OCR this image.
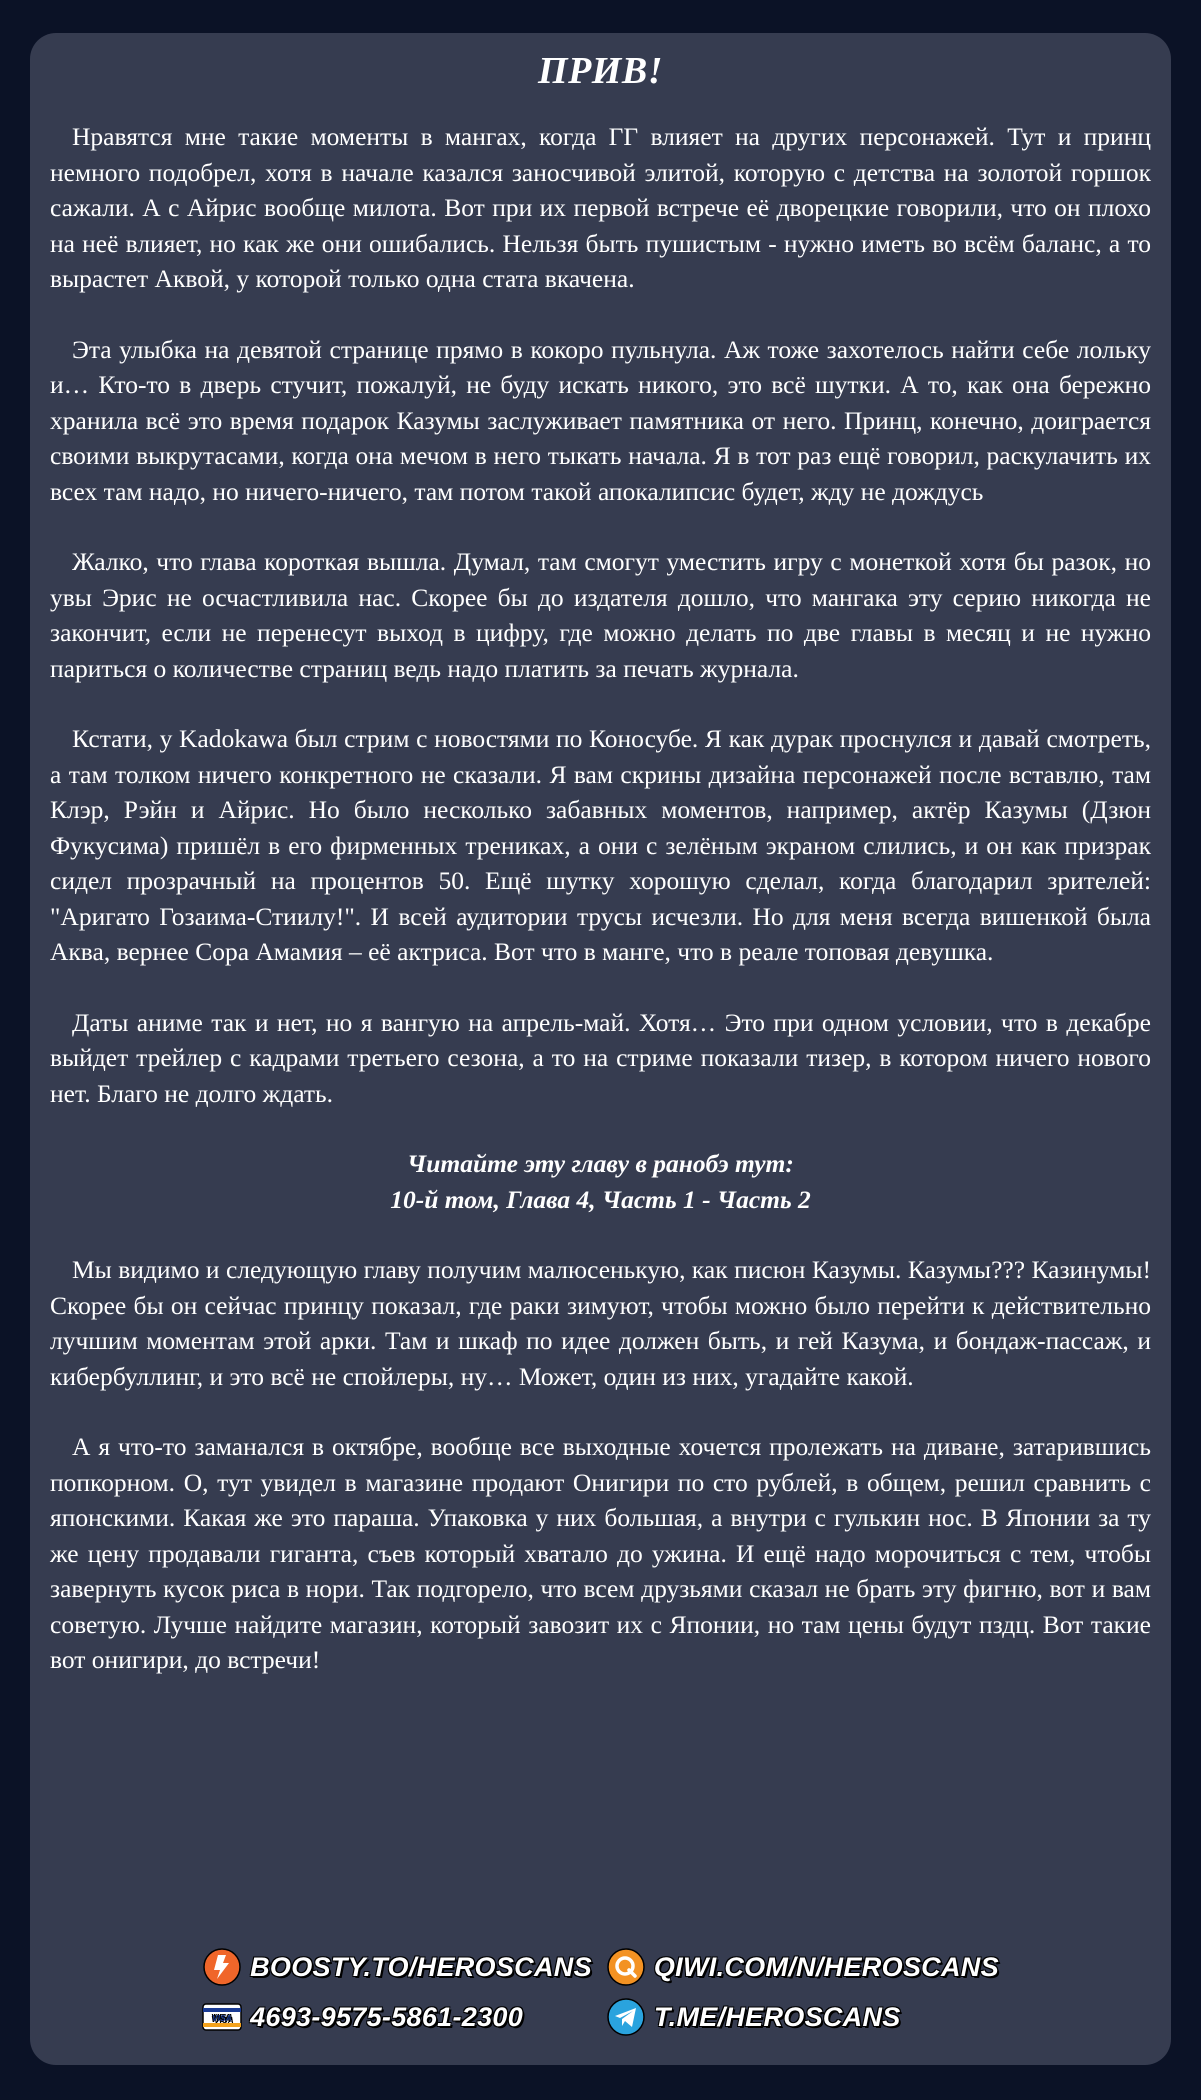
ПРИВ!

Нравятся мне такие моменты в мангах, когда ГГ влияет на других персонажей. Тут и принц немного подобрел, хотя в начале казался заносчивой элитой, которую с детства на золотой горшок сажали. А с Айрис вообще милота. Вот при их первой встрече её дворецкие говорили, что он плохо на неё влияет, но как же они ошибались. Нельзя быть пушистым - нужно иметь во всём баланс, а то вырастет Аквой, у которой только одна стата вкачена.

Эта улыбка на девятой странице прямо в кокоро пульнула. Аж тоже захотелось найти себе лольку и… Кто-то в дверь стучит, пожалуй, не буду искать никого, это всё шутки. А то, как она бережно хранила всё это время подарок Казумы заслуживает памятника от него. Принц, конечно, доиграется своими выкрутасами, когда она мечом в него тыкать начала. Я в тот раз ещё говорил, раскулачить их всех там надо, но ничего-ничего, там потом такой апокалипсис будет, жду не дождусь

Жалко, что глава короткая вышла. Думал, там смогут уместить игру с монеткой хотя бы разок, но увы Эрис не осчастливила нас. Скорее бы до издателя дошло, что мангака эту серию никогда не закончит, если не перенесут выход в цифру, где можно делать по две главы в месяц и не нужно париться о количестве страниц ведь надо платить за печать журнала.

Кстати, у Kadokawa был стрим с новостями по Коносубе. Я как дурак проснулся и давай смотреть, а там толком ничего конкретного не сказали. Я вам скрины дизайна персонажей после вставлю, там Клэр, Рэйн и Айрис. Но было несколько забавных моментов, например, актёр Казумы (Дзюн Фукусима) пришёл в его фирменных трениках, а они с зелёным экраном слились, и он как призрак сидел прозрачный на процентов 50. Ещё шутку хорошую сделал, когда благодарил зрителей: "Аригато Гозаима-Стиилу!". И всей аудитории трусы исчезли. Но для меня всегда вишенкой была Аква, вернее Сора Амамия – её актриса. Вот что в манге, что в реале топовая девушка.

Даты аниме так и нет, но я вангую на апрель-май. Хотя… Это при одном условии, что в декабре выйдет трейлер с кадрами третьего сезона, а то на стриме показали тизер, в котором ничего нового нет. Благо не долго ждать.

Читайте эту главу в ранобэ тут:
10-й том, Глава 4, Часть 1 - Часть 2

Мы видимо и следующую главу получим малюсенькую, как писюн Казумы. Казумы??? Казинумы! Скорее бы он сейчас принцу показал, где раки зимуют, чтобы можно было перейти к действительно лучшим моментам этой арки. Там и шкаф по идее должен быть, и гей Казума, и бондаж-пассаж, и кибербуллинг, и это всё не спойлеры, ну… Может, один из них, угадайте какой.

А я что-то заманался в октябре, вообще все выходные хочется пролежать на диване, затарившись попкорном. О, тут увидел в магазине продают Онигири по сто рублей, в общем, решил сравнить с японскими. Какая же это параша. Упаковка у них большая, а внутри с гулькин нос. В Японии за ту же цену продавали гиганта, съев который хватало до ужина. И ещё надо морочиться с тем, чтобы завернуть кусок риса в нори. Так подгорело, что всем друзьями сказал не брать эту фигню, вот и вам советую. Лучше найдите магазин, который завозит их с Японии, но там цены будут пздц. Вот такие вот онигири, до встречи!

BOOSTY.TO/HEROSCANS QIWI.COM/N/HEROSCANS
VISA 4693-9575-5861-2300	T.ME/HEROSCANS
